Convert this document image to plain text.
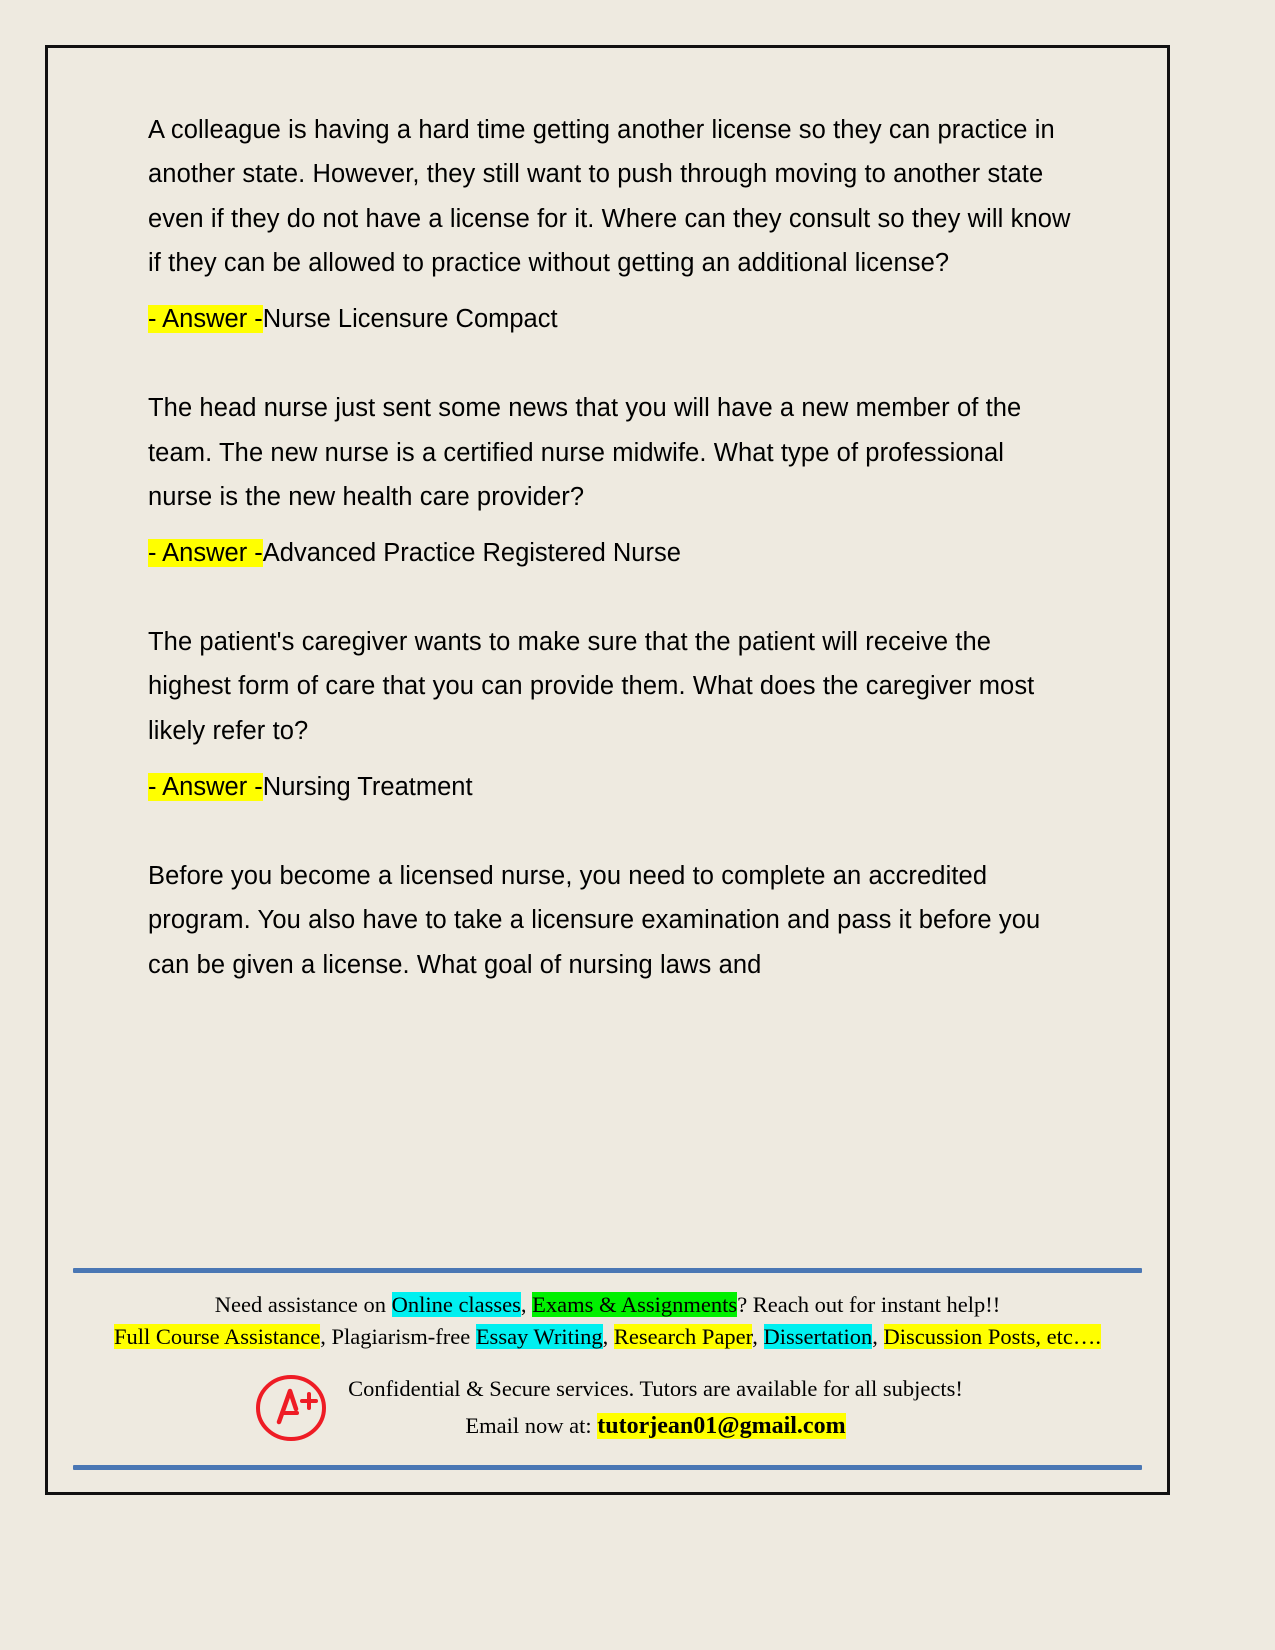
A colleague is having a hard time getting another license so they can practice in another state. However, they still want to push through moving to another state even if they do not have a license for it. Where can they consult so they will know if they can be allowed to practice without getting an additional license?

- Answer -Nurse Licensure Compact

The head nurse just sent some news that you will have a new member of the team. The new nurse is a certified nurse midwife. What type of professional nurse is the new health care provider?

- Answer -Advanced Practice Registered Nurse

The patient's caregiver wants to make sure that the patient will receive the highest form of care that you can provide them. What does the caregiver most likely refer to?

- Answer -Nursing Treatment

Before you become a licensed nurse, you need to complete an accredited program. You also have to take a licensure examination and pass it before you can be given a license. What goal of nursing laws and

Need assistance on Online classes, Exams & Assignments? Reach out for instant help!!
Full Course Assistance, Plagiarism-free Essay Writing, Research Paper, Dissertation, Discussion Posts, etc….
Confidential & Secure services. Tutors are available for all subjects!
Email now at: tutorjean01@gmail.com
